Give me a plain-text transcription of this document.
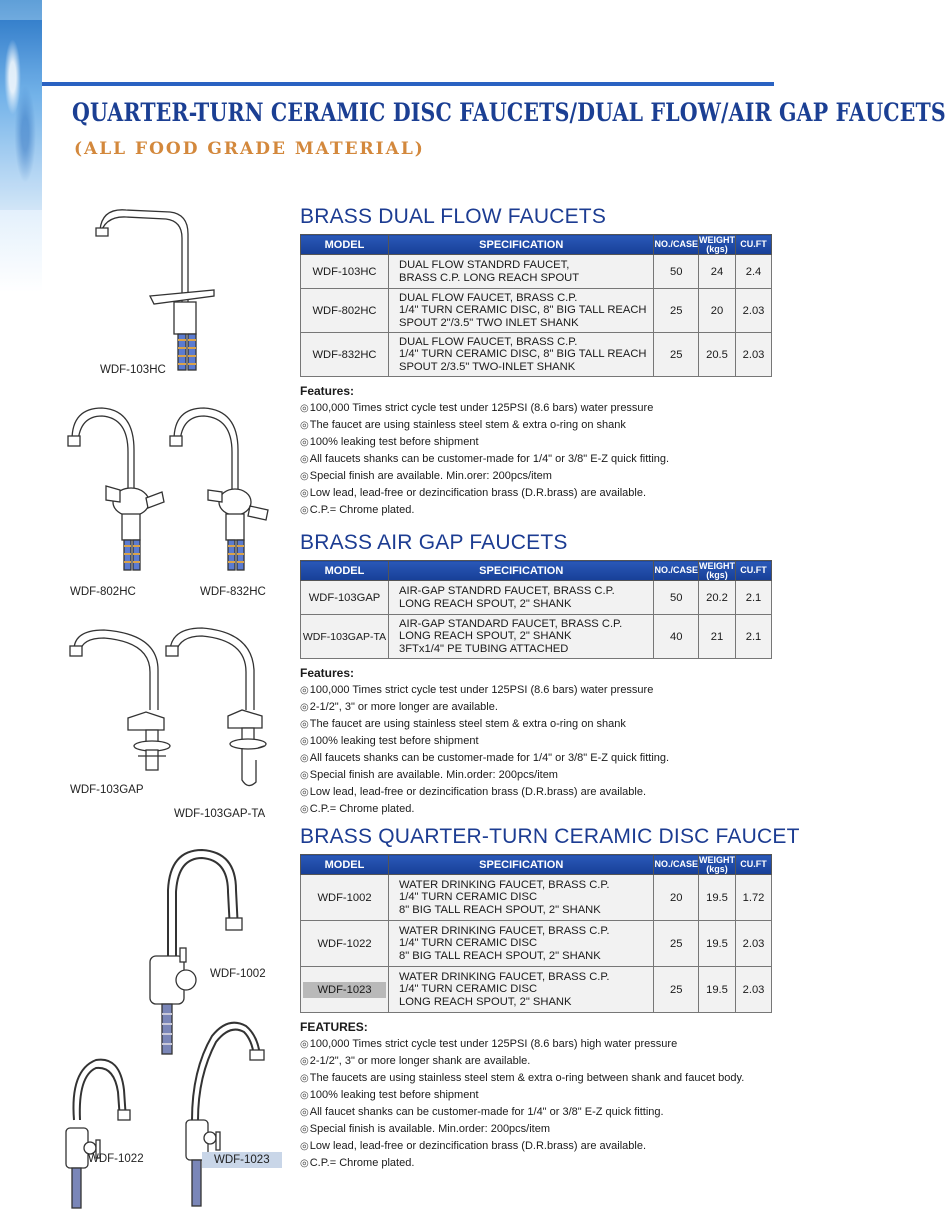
QUARTER-TURN CERAMIC DISC FAUCETS/DUAL FLOW/AIR GAP FAUCETS
(ALL FOOD GRADE MATERIAL)
WDF-103HC
WDF-802HC	WDF-832HC
WDF-103GAP
WDF-103GAP-TA
WDF-1002
WDF-1022	WDF-1023
BRASS DUAL FLOW FAUCETS
MODEL	SPECIFICATION	NO./CASE	WEIGHT
(kgs)	CU.FT
WDF-103HC	DUAL FLOW STANDRD FAUCET,
BRASS C.P. LONG REACH SPOUT	50	24	2.4
WDF-802HC	DUAL FLOW FAUCET, BRASS C.P.
1/4" TURN CERAMIC DISC, 8" BIG TALL REACH
SPOUT 2"/3.5" TWO INLET SHANK	25	20	2.03
WDF-832HC	DUAL FLOW FAUCET, BRASS C.P.
1/4" TURN CERAMIC DISC, 8" BIG TALL REACH
SPOUT 2/3.5" TWO-INLET SHANK	25	20.5	2.03
Features:
◎ 100,000 Times strict cycle test under 125PSI (8.6 bars) water pressure
◎ The faucet are using stainless steel stem & extra o-ring on shank
◎ 100% leaking test before shipment
◎ All faucets shanks can be customer-made for 1/4" or 3/8" E-Z quick fitting.
◎ Special finish are available. Min.orer: 200pcs/item
◎ Low lead, lead-free or dezincification brass (D.R.brass) are available.
◎ C.P.= Chrome plated.
BRASS AIR GAP FAUCETS
MODEL	SPECIFICATION	NO./CASE	WEIGHT
(kgs)	CU.FT
WDF-103GAP	AIR-GAP STANDRD FAUCET, BRASS C.P.
LONG REACH SPOUT, 2" SHANK	50	20.2	2.1
WDF-103GAP-TA	AIR-GAP STANDARD FAUCET, BRASS C.P.
LONG REACH SPOUT, 2" SHANK
3FTx1/4" PE TUBING ATTACHED	40	21	2.1
Features:
◎ 100,000 Times strict cycle test under 125PSI (8.6 bars) water pressure
◎ 2-1/2", 3" or more longer are available.
◎ The faucet are using stainless steel stem & extra o-ring on shank
◎ 100% leaking test before shipment
◎ All faucets shanks can be customer-made for 1/4" or 3/8" E-Z quick fitting.
◎ Special finish are available. Min.order: 200pcs/item
◎ Low lead, lead-free or dezincification brass (D.R.brass) are available.
◎ C.P.= Chrome plated.
BRASS QUARTER-TURN CERAMIC DISC FAUCET
MODEL	SPECIFICATION	NO./CASE	WEIGHT
(kgs)	CU.FT
WDF-1002	WATER DRINKING FAUCET, BRASS C.P.
1/4" TURN CERAMIC DISC
8" BIG TALL REACH SPOUT, 2" SHANK	20	19.5	1.72
WDF-1022	WATER DRINKING FAUCET, BRASS C.P.
1/4" TURN CERAMIC DISC
8" BIG TALL REACH SPOUT, 2" SHANK	25	19.5	2.03
WDF-1023	WATER DRINKING FAUCET, BRASS C.P.
1/4" TURN CERAMIC DISC
LONG REACH SPOUT, 2" SHANK	25	19.5	2.03
FEATURES:
◎ 100,000 Times strict cycle test under 125PSI (8.6 bars) high water pressure
◎ 2-1/2", 3" or more longer shank are available.
◎ The faucets are using stainless steel stem & extra o-ring between shank and faucet body.
◎ 100% leaking test before shipment
◎ All faucet shanks can be customer-made for 1/4" or 3/8" E-Z quick fitting.
◎ Special finish is available. Min.order: 200pcs/item
◎ Low lead, lead-free or dezincification brass (D.R.brass) are available.
◎ C.P.= Chrome plated.
